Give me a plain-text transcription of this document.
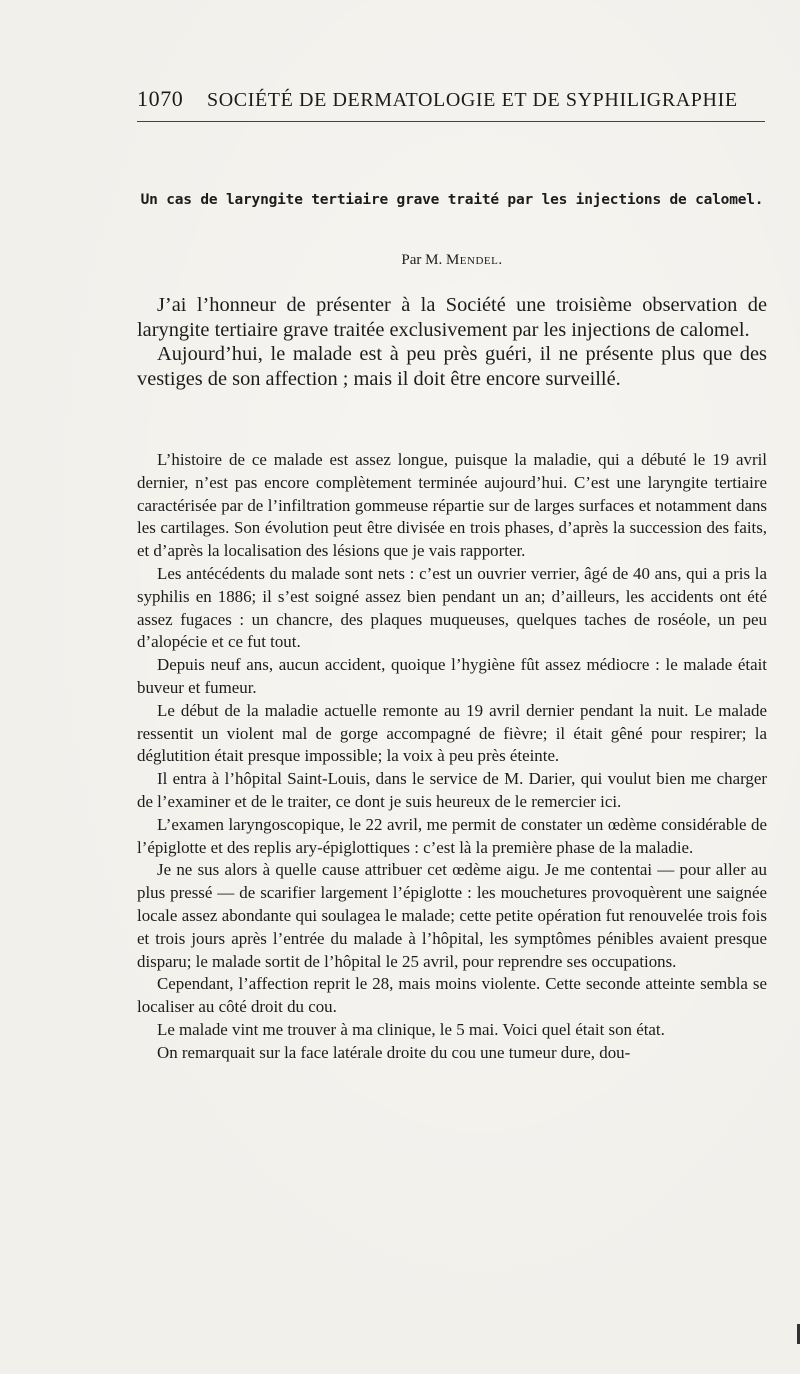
1070 SOCIÉTÉ DE DERMATOLOGIE ET DE SYPHILIGRAPHIE
Un cas de laryngite tertiaire grave traité par les injections de calomel.
Par M. Mendel.

J’ai l’honneur de présenter à la Société une troisième observation de laryngite tertiaire grave traitée exclusivement par les injections de calomel.

Aujourd’hui, le malade est à peu près guéri, il ne présente plus que des vestiges de son affection ; mais il doit être encore surveillé.

L’histoire de ce malade est assez longue, puisque la maladie, qui a débuté le 19 avril dernier, n’est pas encore complètement terminée aujourd’hui. C’est une laryngite tertiaire caractérisée par de l’infiltration gommeuse répartie sur de larges surfaces et notamment dans les cartilages. Son évolution peut être divisée en trois phases, d’après la succession des faits, et d’après la localisation des lésions que je vais rapporter.

Les antécédents du malade sont nets : c’est un ouvrier verrier, âgé de 40 ans, qui a pris la syphilis en 1886; il s’est soigné assez bien pendant un an; d’ailleurs, les accidents ont été assez fugaces : un chancre, des plaques muqueuses, quelques taches de roséole, un peu d’alopécie et ce fut tout.

Depuis neuf ans, aucun accident, quoique l’hygiène fût assez médiocre : le malade était buveur et fumeur.

Le début de la maladie actuelle remonte au 19 avril dernier pendant la nuit. Le malade ressentit un violent mal de gorge accompagné de fièvre; il était gêné pour respirer; la déglutition était presque impossible; la voix à peu près éteinte.

Il entra à l’hôpital Saint-Louis, dans le service de M. Darier, qui voulut bien me charger de l’examiner et de le traiter, ce dont je suis heureux de le remercier ici.

L’examen laryngoscopique, le 22 avril, me permit de constater un œdème considérable de l’épiglotte et des replis ary-épiglottiques : c’est là la première phase de la maladie.

Je ne sus alors à quelle cause attribuer cet œdème aigu. Je me contentai — pour aller au plus pressé — de scarifier largement l’épiglotte : les mouchetures provoquèrent une saignée locale assez abondante qui soulagea le malade; cette petite opération fut renouvelée trois fois et trois jours après l’entrée du malade à l’hôpital, les symptômes pénibles avaient presque disparu; le malade sortit de l’hôpital le 25 avril, pour reprendre ses occupations.

Cependant, l’affection reprit le 28, mais moins violente. Cette seconde atteinte sembla se localiser au côté droit du cou.

Le malade vint me trouver à ma clinique, le 5 mai. Voici quel était son état.

On remarquait sur la face latérale droite du cou une tumeur dure, dou-
